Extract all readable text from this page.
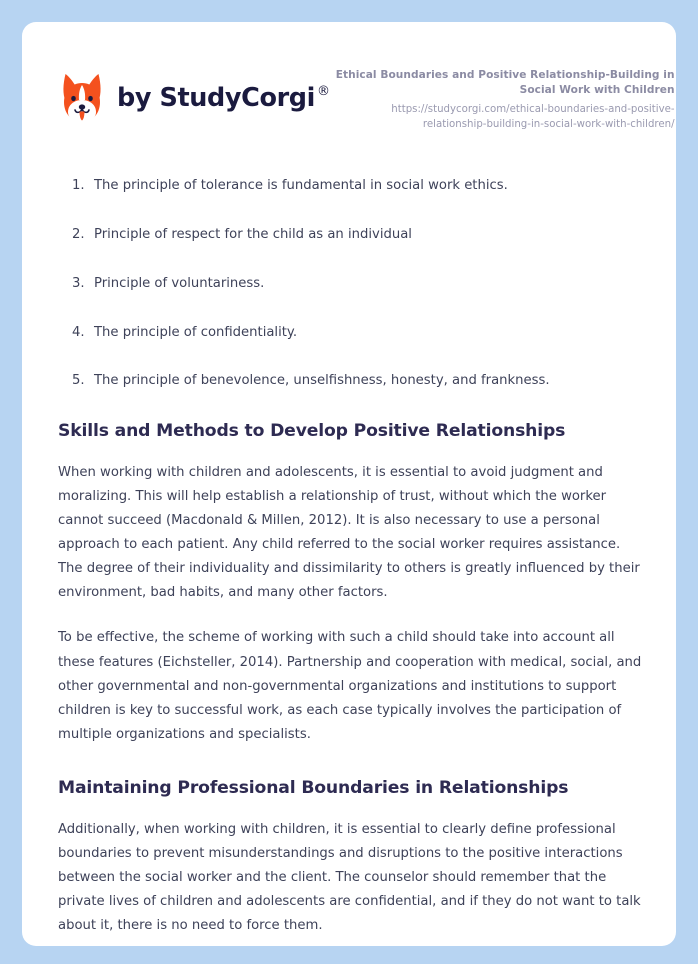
by StudyCorgi ®
Ethical Boundaries and Positive Relationship-Building in Social Work with Children
https://studycorgi.com/ethical-boundaries-and-positive-relationship-building-in-social-work-with-children/
The principle of tolerance is fundamental in social work ethics.
Principle of respect for the child as an individual
Principle of voluntariness.
The principle of confidentiality.
The principle of benevolence, unselfishness, honesty, and frankness.
Skills and Methods to Develop Positive Relationships

When working with children and adolescents, it is essential to avoid judgment and moralizing. This will help establish a relationship of trust, without which the worker cannot succeed (Macdonald & Millen, 2012). It is also necessary to use a personal approach to each patient. Any child referred to the social worker requires assistance. The degree of their individuality and dissimilarity to others is greatly influenced by their environment, bad habits, and many other factors.

To be effective, the scheme of working with such a child should take into account all these features (Eichsteller, 2014). Partnership and cooperation with medical, social, and other governmental and non-governmental organizations and institutions to support children is key to successful work, as each case typically involves the participation of multiple organizations and specialists.

Maintaining Professional Boundaries in Relationships

Additionally, when working with children, it is essential to clearly define professional boundaries to prevent misunderstandings and disruptions to the positive interactions between the social worker and the client. The counselor should remember that the private lives of children and adolescents are confidential, and if they do not want to talk about it, there is no need to force them.
